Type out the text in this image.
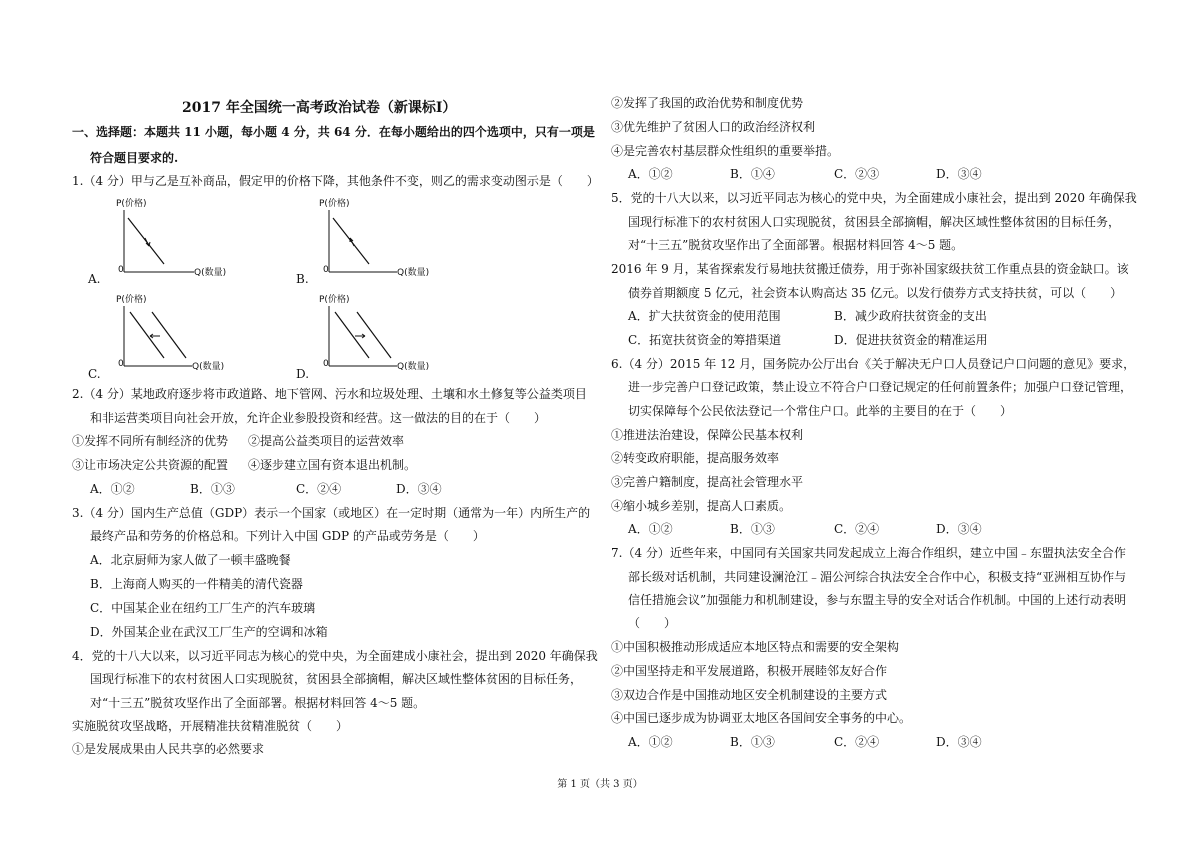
2017 年全国统一高考政治试卷（新课标Ⅰ）
一、选择题：本题共 11 小题，每小题 4 分，共 64 分．在每小题给出的四个选项中，只有一项是
符合题目要求的.
1.（4 分）甲与乙是互补商品，假定甲的价格下降，其他条件不变，则乙的需求变动图示是（　　）
P(价格)
0	Q(数量)
A.
P(价格)
0	Q(数量)
B.
P(价格)
0	Q(数量)
C.
P(价格)
0	Q(数量)
D.
2.（4 分）某地政府逐步将市政道路、地下管网、污水和垃圾处理、土壤和水土修复等公益类项目
和非运营类项目向社会开放，允许企业参股投资和经营。这一做法的目的在于（　　）
①发挥不同所有制经济的优势 ②提高公益类项目的运营效率
③让市场决定公共资源的配置 ④逐步建立国有资本退出机制。
A．①②	B．①③	C．②④	D．③④
3.（4 分）国内生产总值（GDP）表示一个国家（或地区）在一定时期（通常为一年）内所生产的
最终产品和劳务的价格总和。下列计入中国 GDP 的产品或劳务是（　　）
A．北京厨师为家人做了一顿丰盛晚餐
B．上海商人购买的一件精美的清代瓷器
C．中国某企业在纽约工厂生产的汽车玻璃
D．外国某企业在武汉工厂生产的空调和冰箱
4．党的十八大以来，以习近平同志为核心的党中央，为全面建成小康社会，提出到 2020 年确保我
国现行标准下的农村贫困人口实现脱贫，贫困县全部摘帽，解决区域性整体贫困的目标任务，
对“十三五”脱贫攻坚作出了全面部署。根据材料回答 4～5 题。
实施脱贫攻坚战略，开展精准扶贫精准脱贫（　　）
①是发展成果由人民共享的必然要求
②发挥了我国的政治优势和制度优势
③优先维护了贫困人口的政治经济权利
④是完善农村基层群众性组织的重要举措。
A．①②	B．①④	C．②③	D．③④
5．党的十八大以来，以习近平同志为核心的党中央，为全面建成小康社会，提出到 2020 年确保我
国现行标准下的农村贫困人口实现脱贫，贫困县全部摘帽，解决区域性整体贫困的目标任务，
对“十三五”脱贫攻坚作出了全面部署。根据材料回答 4～5 题。
2016 年 9 月，某省探索发行易地扶贫搬迁债券，用于弥补国家级扶贫工作重点县的资金缺口。该
债券首期额度 5 亿元，社会资本认购高达 35 亿元。以发行债券方式支持扶贫，可以（　　）
A．扩大扶贫资金的使用范围	B．减少政府扶贫资金的支出
C．拓宽扶贫资金的筹措渠道	D．促进扶贫资金的精准运用
6.（4 分）2015 年 12 月，国务院办公厅出台《关于解决无户口人员登记户口问题的意见》要求，
进一步完善户口登记政策，禁止设立不符合户口登记规定的任何前置条件；加强户口登记管理，
切实保障每个公民依法登记一个常住户口。此举的主要目的在于（　　）
①推进法治建设，保障公民基本权利
②转变政府职能，提高服务效率
③完善户籍制度，提高社会管理水平
④缩小城乡差别，提高人口素质。
A．①②	B．①③	C．②④	D．③④
7.（4 分）近些年来，中国同有关国家共同发起成立上海合作组织，建立中国﹣东盟执法安全合作
部长级对话机制，共同建设澜沧江﹣湄公河综合执法安全合作中心，积极支持“亚洲相互协作与
信任措施会议”加强能力和机制建设，参与东盟主导的安全对话合作机制。中国的上述行动表明
（　　）
①中国积极推动形成适应本地区特点和需要的安全架构
②中国坚持走和平发展道路，积极开展睦邻友好合作
③双边合作是中国推动地区安全机制建设的主要方式
④中国已逐步成为协调亚太地区各国间安全事务的中心。
A．①②	B．①③	C．②④	D．③④
第 1 页（共 3 页）
